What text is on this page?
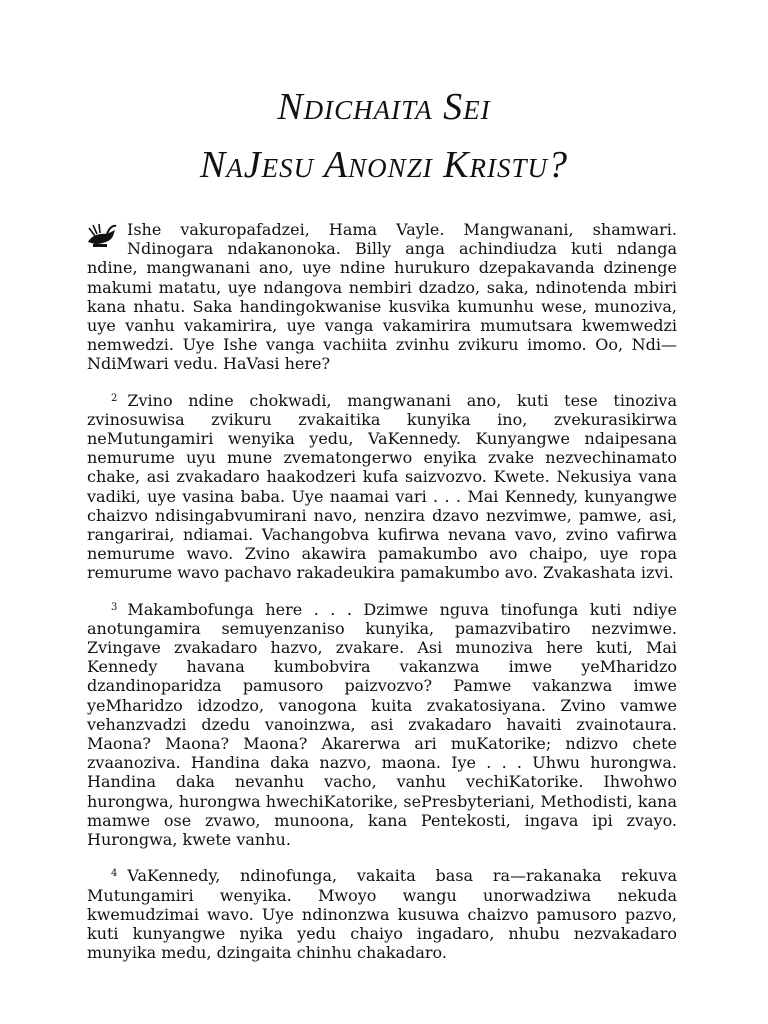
Ndichaita Sei
NaJesu Anonzi Kristu?

Ishe vakuropafadzei, Hama Vayle. Mangwanani, shamwari. Ndinogara ndakanonoka. Billy anga achindiudza kuti ndanga ndine, mangwanani ano, uye ndine hurukuro dzepakavanda dzinenge makumi matatu, uye ndangova nembiri dzadzo, saka, ndinotenda mbiri kana nhatu. Saka handingokwanise kusvika kumunhu wese, munoziva, uye vanhu vakamirira, uye vanga vakamirira mumutsara kwemwedzi nemwedzi. Uye Ishe vanga vachiita zvinhu zvikuru imomo. Oo, Ndi—NdiMwari vedu. HaVasi here?

$^2$ Zvino ndine chokwadi, mangwanani ano, kuti tese tinoziva zvinosuwisa zvikuru zvakaitika kunyika ino, zvekurasikirwa neMutungamiri wenyika yedu, VaKennedy. Kunyangwe ndaipesana nemurume uyu mune zvematongerwo enyika zvake nezvechinamato chake, asi zvakadaro haakodzeri kufa saizvozvo. Kwete. Nekusiya vana vadiki, uye vasina baba. Uye naamai vari . . . Mai Kennedy, kunyangwe chaizvo ndisingabvumirani navo, nenzira dzavo nezvimwe, pamwe, asi, rangarirai, ndiamai. Vachangobva kufirwa nevana vavo, zvino vafirwa nemurume wavo. Zvino akawira pamakumbo avo chaipo, uye ropa remurume wavo pachavo rakadeukira pamakumbo avo. Zvakashata izvi.

$^3$ Makambofunga here . . . Dzimwe nguva tinofunga kuti ndiye anotungamira semuyenzaniso kunyika, pamazvibatiro nezvimwe. Zvingave zvakadaro hazvo, zvakare. Asi munoziva here kuti, Mai Kennedy havana kumbobvira vakanzwa imwe yeMharidzo dzandinoparidza pamusoro paizvozvo? Pamwe vakanzwa imwe yeMharidzo idzodzo, vanogona kuita zvakatosiyana. Zvino vamwe vehanzvadzi dzedu vanoinzwa, asi zvakadaro havaiti zvainotaura. Maona? Maona? Maona? Akarerwa ari muKatorike; ndizvo chete zvaanoziva. Handina daka nazvo, maona. Iye . . . Uhwu hurongwa. Handina daka nevanhu vacho, vanhu vechiKatorike. Ihwohwo hurongwa, hurongwa hwechiKatorike, sePresbyteriani, Methodisti, kana mamwe ose zvawo, munoona, kana Pentekosti, ingava ipi zvayo. Hurongwa, kwete vanhu.

$^4$ VaKennedy, ndinofunga, vakaita basa ra—rakanaka rekuva Mutungamiri wenyika. Mwoyo wangu unorwadziwa nekuda kwemudzimai wavo. Uye ndinonzwa kusuwa chaizvo pamusoro pazvo, kuti kunyangwe nyika yedu chaiyo ingadaro, nhubu nezvakadaro munyika medu, dzingaita chinhu chakadaro.
